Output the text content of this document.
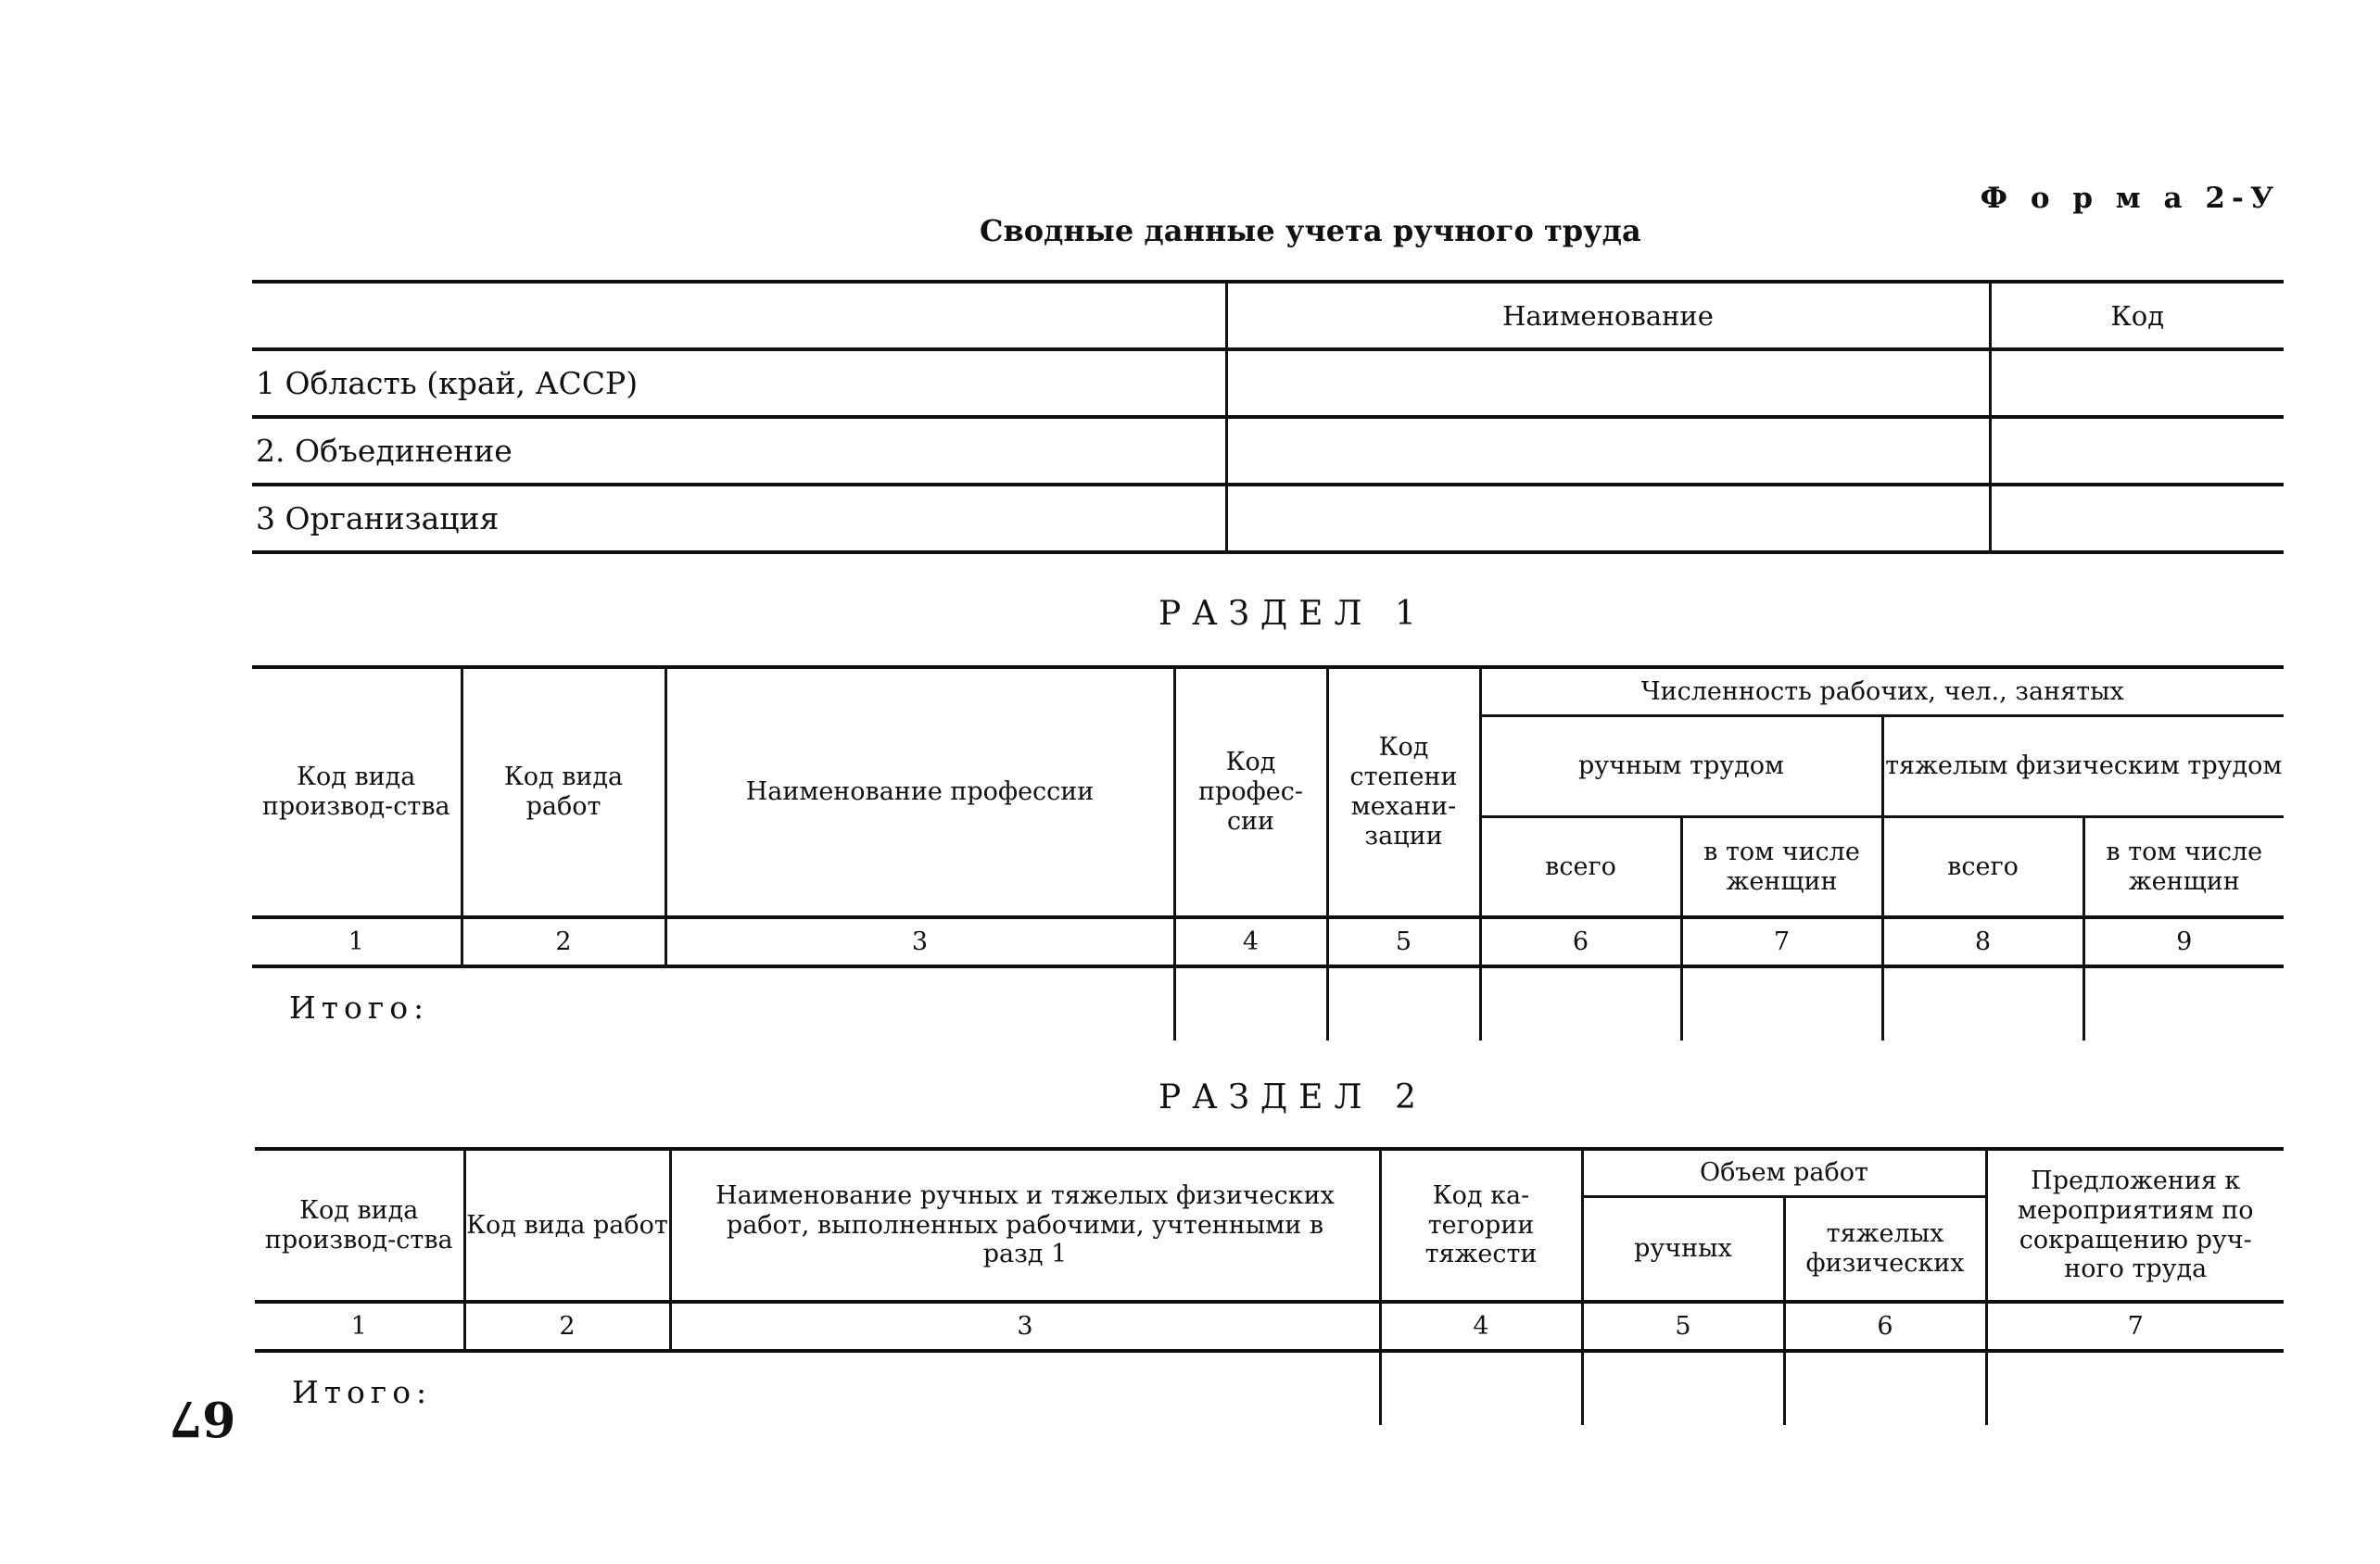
Ф о р м а 2-У
Сводные данные учета ручного труда
	Наименование	Код
1 Область (край, АССР)		
2. Объединение		
3 Организация		
РАЗДЕЛ 1
Код вида производ-ства	Код вида работ	Наименование профессии	Код профес-сии	Код степени механи-зации	Численность рабочих, чел., занятых			
					ручным трудом		тяжелым физическим трудом	
					всего	в том числе женщин	всего	в том числе женщин
1	2	3	4	5	6	7	8	9
Итого:								
РАЗДЕЛ 2
Код вида производ-ства	Код вида работ	Наименование ручных и тяжелых физических работ, выполненных рабочими, учтенными в разд 1	Код ка-тегории тяжести	Объем работ		Предложения к мероприятиям по сокращению руч-ного труда
				ручных	тяжелых физических	
1	2	3	4	5	6	7
Итого:						
67
